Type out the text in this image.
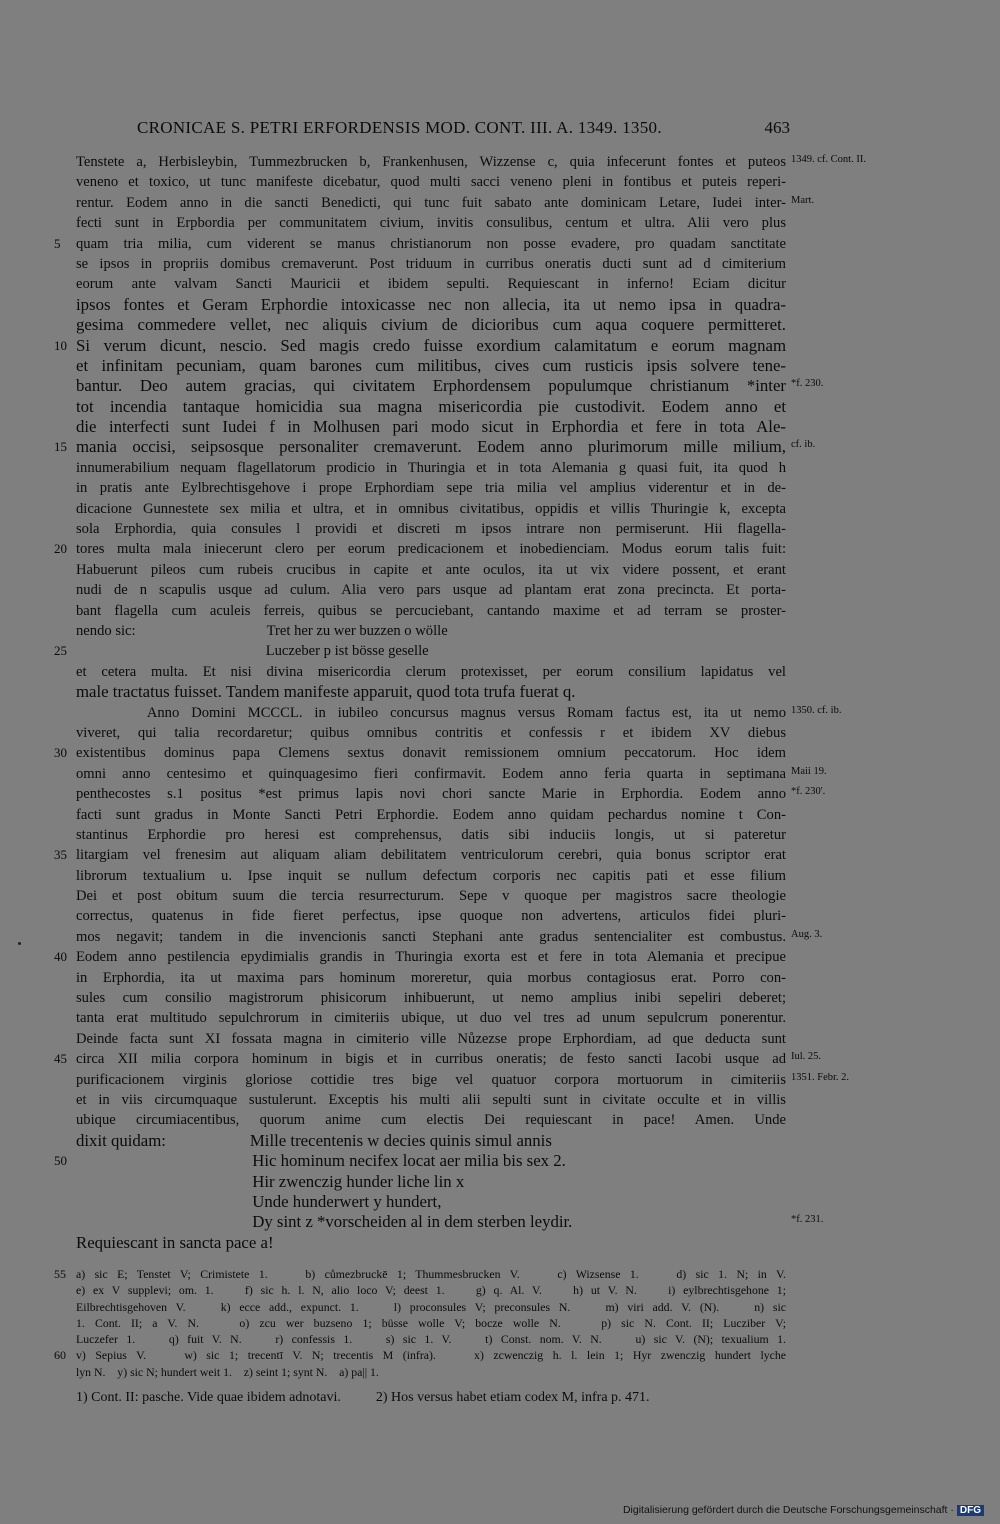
CRONICAE S. PETRI ERFORDENSIS MOD. CONT. III. A. 1349. 1350.	463
Tenstete a, Herbisleybin, Tummezbrucken b, Frankenhusen, Wizzense c, quia infecerunt fontes et puteos 1349. cf. Cont. II.
veneno et toxico, ut tunc manifeste dicebatur, quod multi sacci veneno pleni in fontibus et puteis reperi-
rentur. Eodem anno in die sancti Benedicti, qui tunc fuit sabato ante dominicam Letare, Iudei inter- Mart.
fecti sunt in Erpbordia per communitatem civium, invitis consulibus, centum et ultra. Alii vero plus
5 quam tria milia, cum viderent se manus christianorum non posse evadere, pro quadam sanctitate
se ipsos in propriis domibus cremaverunt. Post triduum in curribus oneratis ducti sunt ad d cimiterium
eorum ante valvam Sancti Mauricii et ibidem sepulti. Requiescant in inferno! Eciam dicitur
ipsos fontes et Geram Erphordie intoxicasse nec non allecia, ita ut nemo ipsa in quadra-
gesima commedere vellet, nec aliquis civium de dicioribus cum aqua coquere permitteret.
10 Si verum dicunt, nescio. Sed magis credo fuisse exordium calamitatum e eorum magnam
et infinitam pecuniam, quam barones cum militibus, cives cum rusticis ipsis solvere tene-
bantur. Deo autem gracias, qui civitatem Erphordensem populumque christianum *inter *f. 230.
tot incendia tantaque homicidia sua magna misericordia pie custodivit. Eodem anno et
die interfecti sunt Iudei f in Molhusen pari modo sicut in Erphordia et fere in tota Ale-
15 mania occisi, seipsosque personaliter cremaverunt. Eodem anno plurimorum mille milium, cf. ib.
innumerabilium nequam flagellatorum prodicio in Thuringia et in tota Alemania g quasi fuit, ita quod h
in pratis ante Eylbrechtisgehove i prope Erphordiam sepe tria milia vel amplius viderentur et in de-
dicacione Gunnestete sex milia et ultra, et in omnibus civitatibus, oppidis et villis Thuringie k, excepta
sola Erphordia, quia consules l providi et discreti m ipsos intrare non permiserunt. Hii flagella-
20 tores multa mala iniecerunt clero per eorum predicacionem et inobedienciam. Modus eorum talis fuit:
Habuerunt pileos cum rubeis crucibus in capite et ante oculos, ita ut vix videre possent, et erant
nudi de n scapulis usque ad culum. Alia vero pars usque ad plantam erat zona precincta. Et porta-
bant flagella cum aculeis ferreis, quibus se percuciebant, cantando maxime et ad terram se proster-
nendo sic:                                    Tret her zu wer buzzen o wölle
25 Luczeber p ist bösse geselle
et cetera multa. Et nisi divina misericordia clerum protexisset, per eorum consilium lapidatus vel
male tractatus fuisset. Tandem manifeste apparuit, quod tota trufa fuerat q.
Anno Domini MCCCL. in iubileo concursus magnus versus Romam factus est, ita ut nemo 1350. cf. ib.
viveret, qui talia recordaretur; quibus omnibus contritis et confessis r et ibidem XV diebus
30 existentibus dominus papa Clemens sextus donavit remissionem omnium peccatorum. Hoc idem
omni anno centesimo et quinquagesimo fieri confirmavit. Eodem anno feria quarta in septimana Maii 19.
penthecostes s.1 positus *est primus lapis novi chori sancte Marie in Erphordia. Eodem anno *f. 230'.
facti sunt gradus in Monte Sancti Petri Erphordie. Eodem anno quidam pechardus nomine t Con-
stantinus Erphordie pro heresi est comprehensus, datis sibi induciis longis, ut si pateretur
35 litargiam vel frenesim aut aliquam aliam debilitatem ventriculorum cerebri, quia bonus scriptor erat
librorum textualium u. Ipse inquit se nullum defectum corporis nec capitis pati et esse filium
Dei et post obitum suum die tercia resurrecturum. Sepe v quoque per magistros sacre theologie
correctus, quatenus in fide fieret perfectus, ipse quoque non advertens, articulos fidei pluri-
mos negavit; tandem in die invencionis sancti Stephani ante gradus sentencialiter est combustus. Aug. 3.
40 Eodem anno pestilencia epydimialis grandis in Thuringia exorta est et fere in tota Alemania et precipue
in Erphordia, ita ut maxima pars hominum moreretur, quia morbus contagiosus erat. Porro con-
sules cum consilio magistrorum phisicorum inhibuerunt, ut nemo amplius inibi sepeliri deberet;
tanta erat multitudo sepulchrorum in cimiteriis ubique, ut duo vel tres ad unum sepulcrum ponerentur.
Deinde facta sunt XI fossata magna in cimiterio ville Nůzezse prope Erphordiam, ad que deducta sunt
45 circa XII milia corpora hominum in bigis et in curribus oneratis; de festo sancti Iacobi usque ad Iul. 25.
purificacionem virginis gloriose cottidie tres bige vel quatuor corpora mortuorum in cimiteriis 1351. Febr. 2.
et in viis circumquaque sustulerunt. Exceptis his multi alii sepulti sunt in civitate occulte et in villis
ubique circumiacentibus, quorum anime cum electis Dei requiescant in pace! Amen. Unde
dixit quidam:                    Mille trecentenis w decies quinis simul annis
50 Hic hominum necifex locat aer milia bis sex 2.
Hir zwenczig hunder liche lin x
Unde hunderwert y hundert,
Dy sint z *vorscheiden al in dem sterben leydir.	*f. 231.
Requiescant in sancta pace a!
55 a) sic E; Tenstet V; Crimistete 1.    b) cůmezbruckē 1; Thummesbrucken V.    c) Wizsense 1.    d) sic 1. N; in V.
e) ex V supplevi; om. 1.    f) sic h. l. N, alio loco V; deest 1.    g) q. Al. V.    h) ut V. N.    i) eylbrechtisgehone 1;
Eilbrechtisgehoven V.    k) ecce add., expunct. 1.    l) proconsules V; preconsules N.    m) viri add. V. (N).    n) sic
1. Cont. II; a V. N.    o) zcu wer buzseno 1; büsse wolle V; bocze wolle N.    p) sic N. Cont. II; Lucziber V;
Luczefer 1.    q) fuit V. N.    r) confessis 1.    s) sic 1. V.    t) Const. nom. V. N.    u) sic V. (N); texualium 1.
60 v) Sepius V.    w) sic 1; trecentī V. N; trecentis M (infra).    x) zcwenczig h. l. lein 1; Hyr zwenczig hundert lyche
lyn N.    y) sic N; hundert weit 1.    z) seint 1; synt N.    a) pa|| 1.
1) Cont. II: pasche. Vide quae ibidem adnotavi.	2) Hos versus habet etiam codex M, infra p. 471.
Digitalisierung gefördert durch die Deutsche Forschungsgemeinschaft · DFG
